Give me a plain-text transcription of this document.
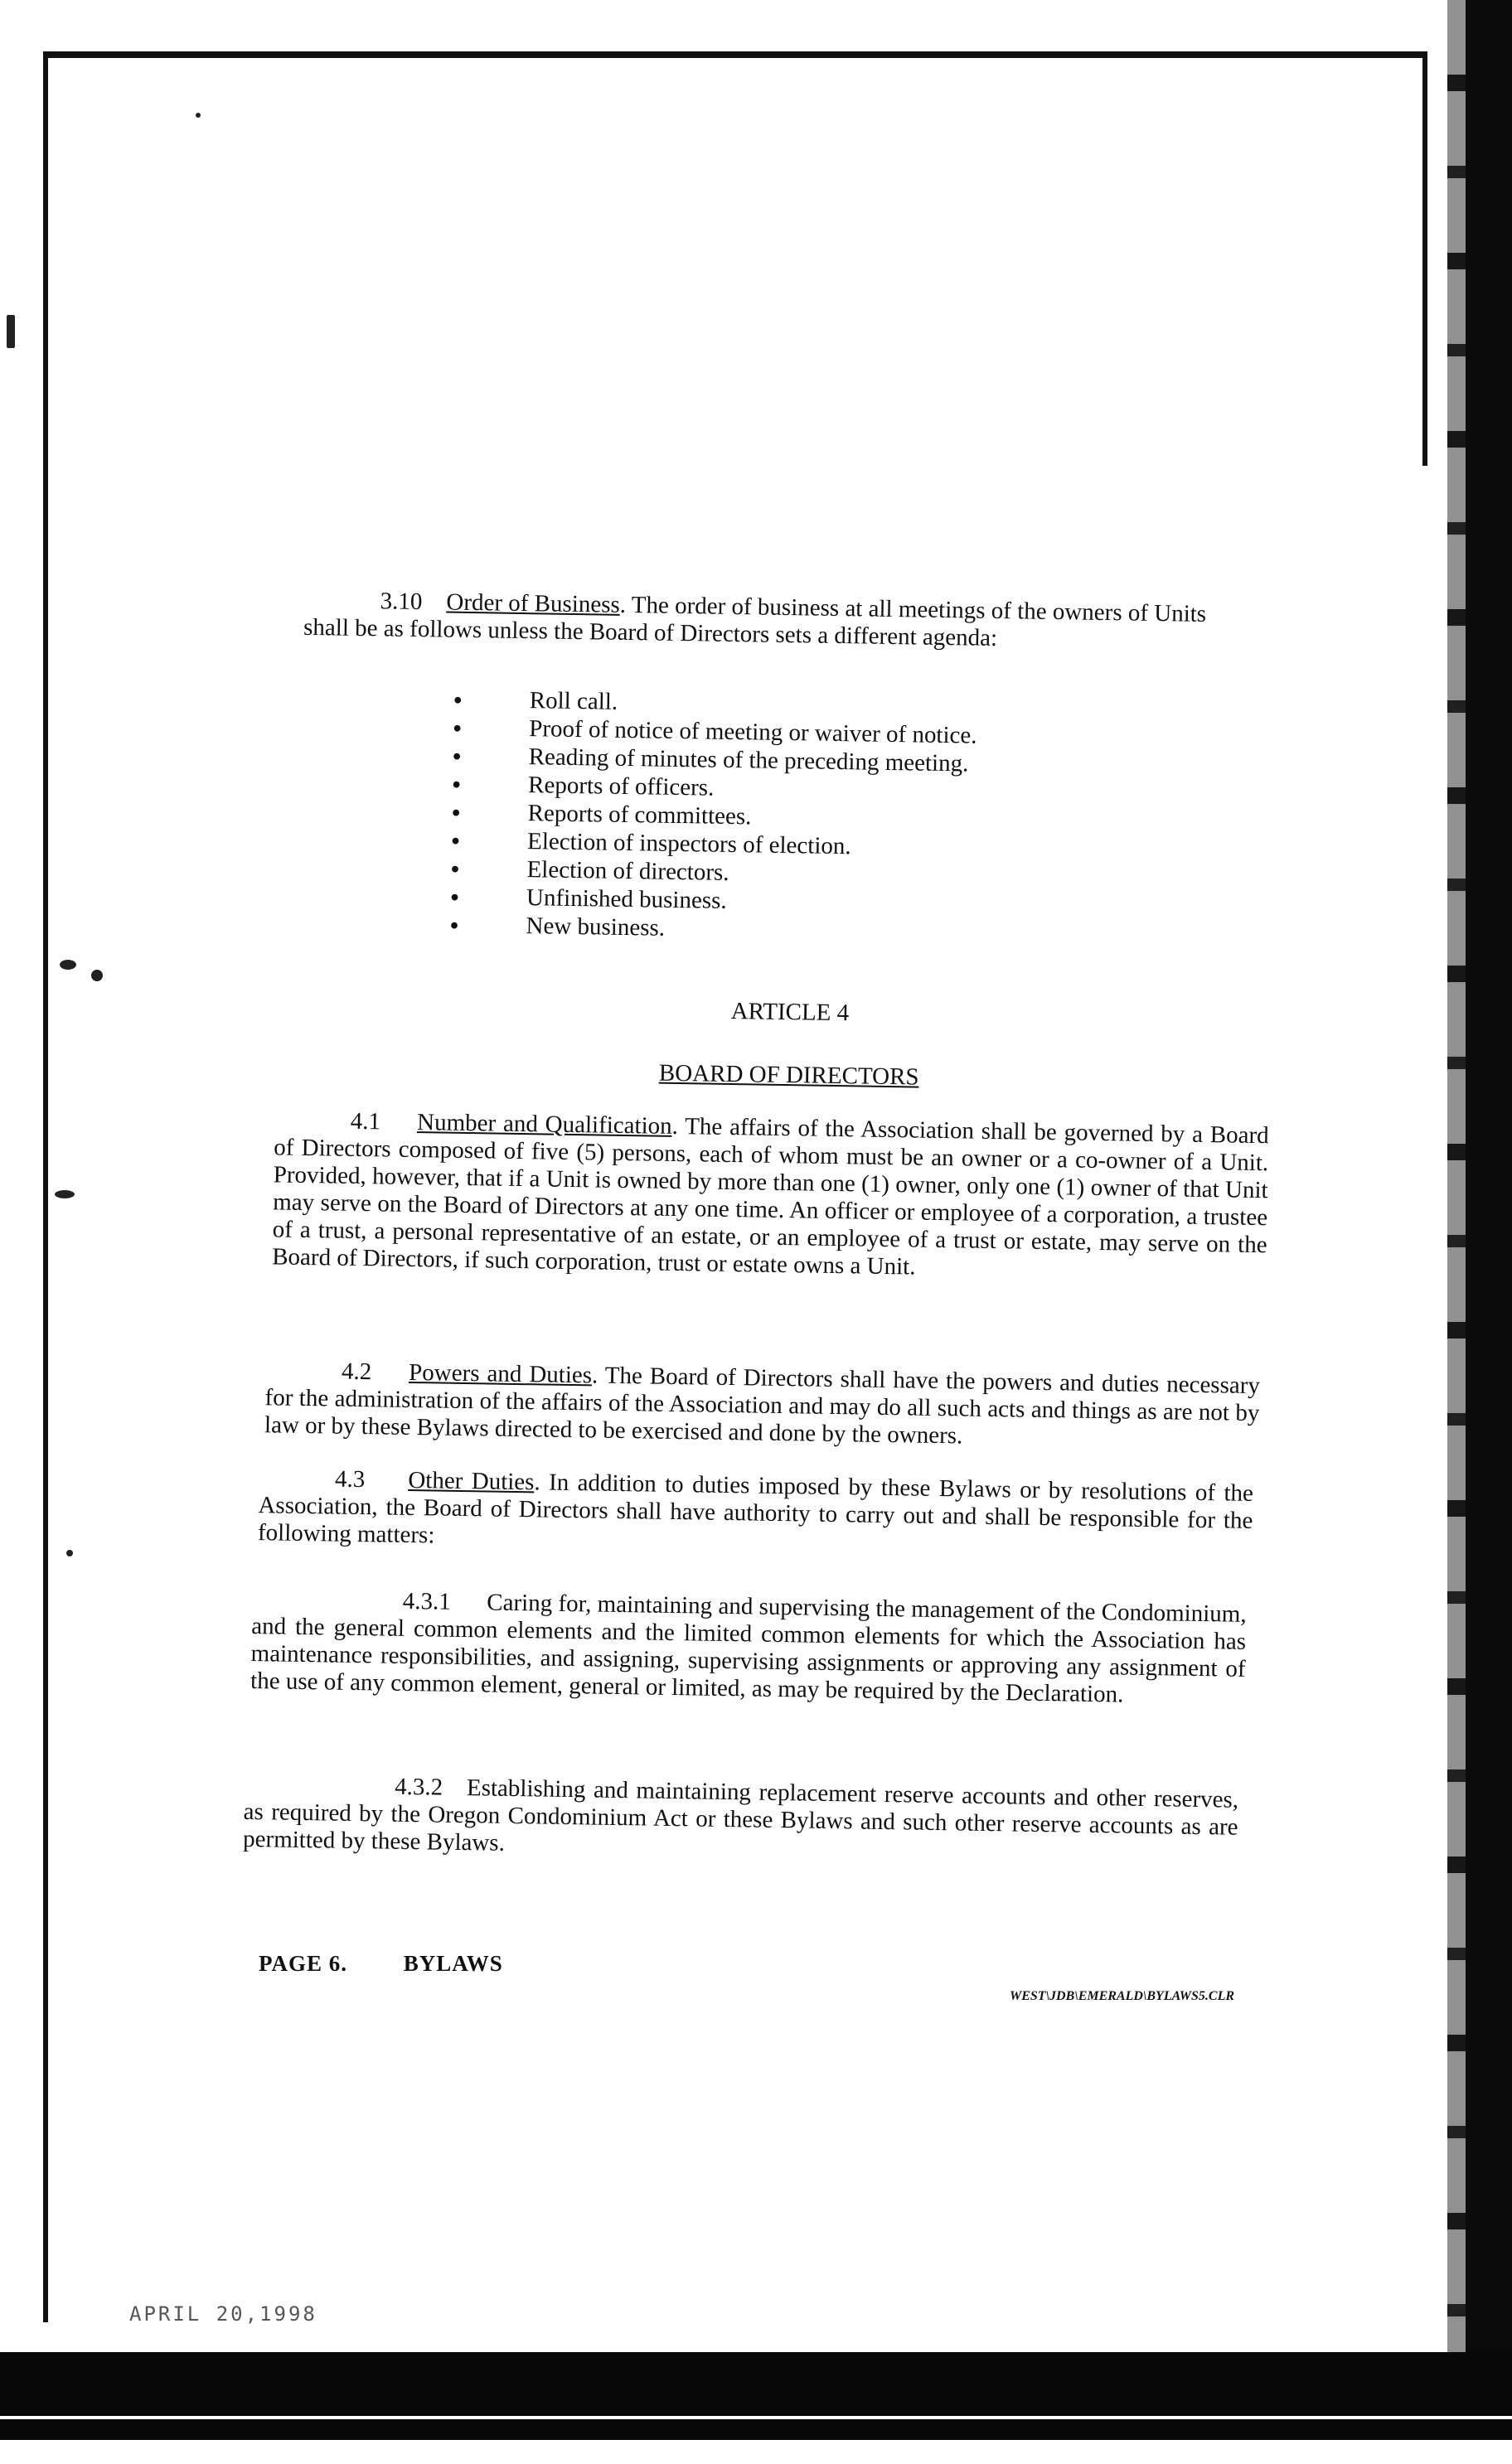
3.10 Order of Business. The order of business at all meetings of the owners of Units
shall be as follows unless the Board of Directors sets a different agenda:
● Roll call.
● Proof of notice of meeting or waiver of notice.
● Reading of minutes of the preceding meeting.
● Reports of officers.
● Reports of committees.
● Election of inspectors of election.
● Election of directors.
● Unfinished business.
● New business.
ARTICLE 4
BOARD OF DIRECTORS
4.1 Number and Qualification. The affairs of the Association shall be governed by a Board of Directors composed of five (5) persons, each of whom must be an owner or a co-owner of a Unit. Provided, however, that if a Unit is owned by more than one (1) owner, only one (1) owner of that Unit may serve on the Board of Directors at any one time. An officer or employee of a corporation, a trustee of a trust, a personal representative of an estate, or an employee of a trust or estate, may serve on the Board of Directors, if such corporation, trust or estate owns a Unit.
4.2 Powers and Duties. The Board of Directors shall have the powers and duties necessary for the administration of the affairs of the Association and may do all such acts and things as are not by law or by these Bylaws directed to be exercised and done by the owners.
4.3 Other Duties. In addition to duties imposed by these Bylaws or by resolutions of the Association, the Board of Directors shall have authority to carry out and shall be responsible for the following matters:
4.3.1 Caring for, maintaining and supervising the management of the Condominium, and the general common elements and the limited common elements for which the Association has maintenance responsibilities, and assigning, supervising assignments or approving any assignment of the use of any common element, general or limited, as may be required by the Declaration.
4.3.2 Establishing and maintaining replacement reserve accounts and other reserves, as required by the Oregon Condominium Act or these Bylaws and such other reserve accounts as are permitted by these Bylaws.
PAGE 6.	BYLAWS
WEST\JDB\EMERALD\BYLAWS5.CLR
APRIL 20,1998
